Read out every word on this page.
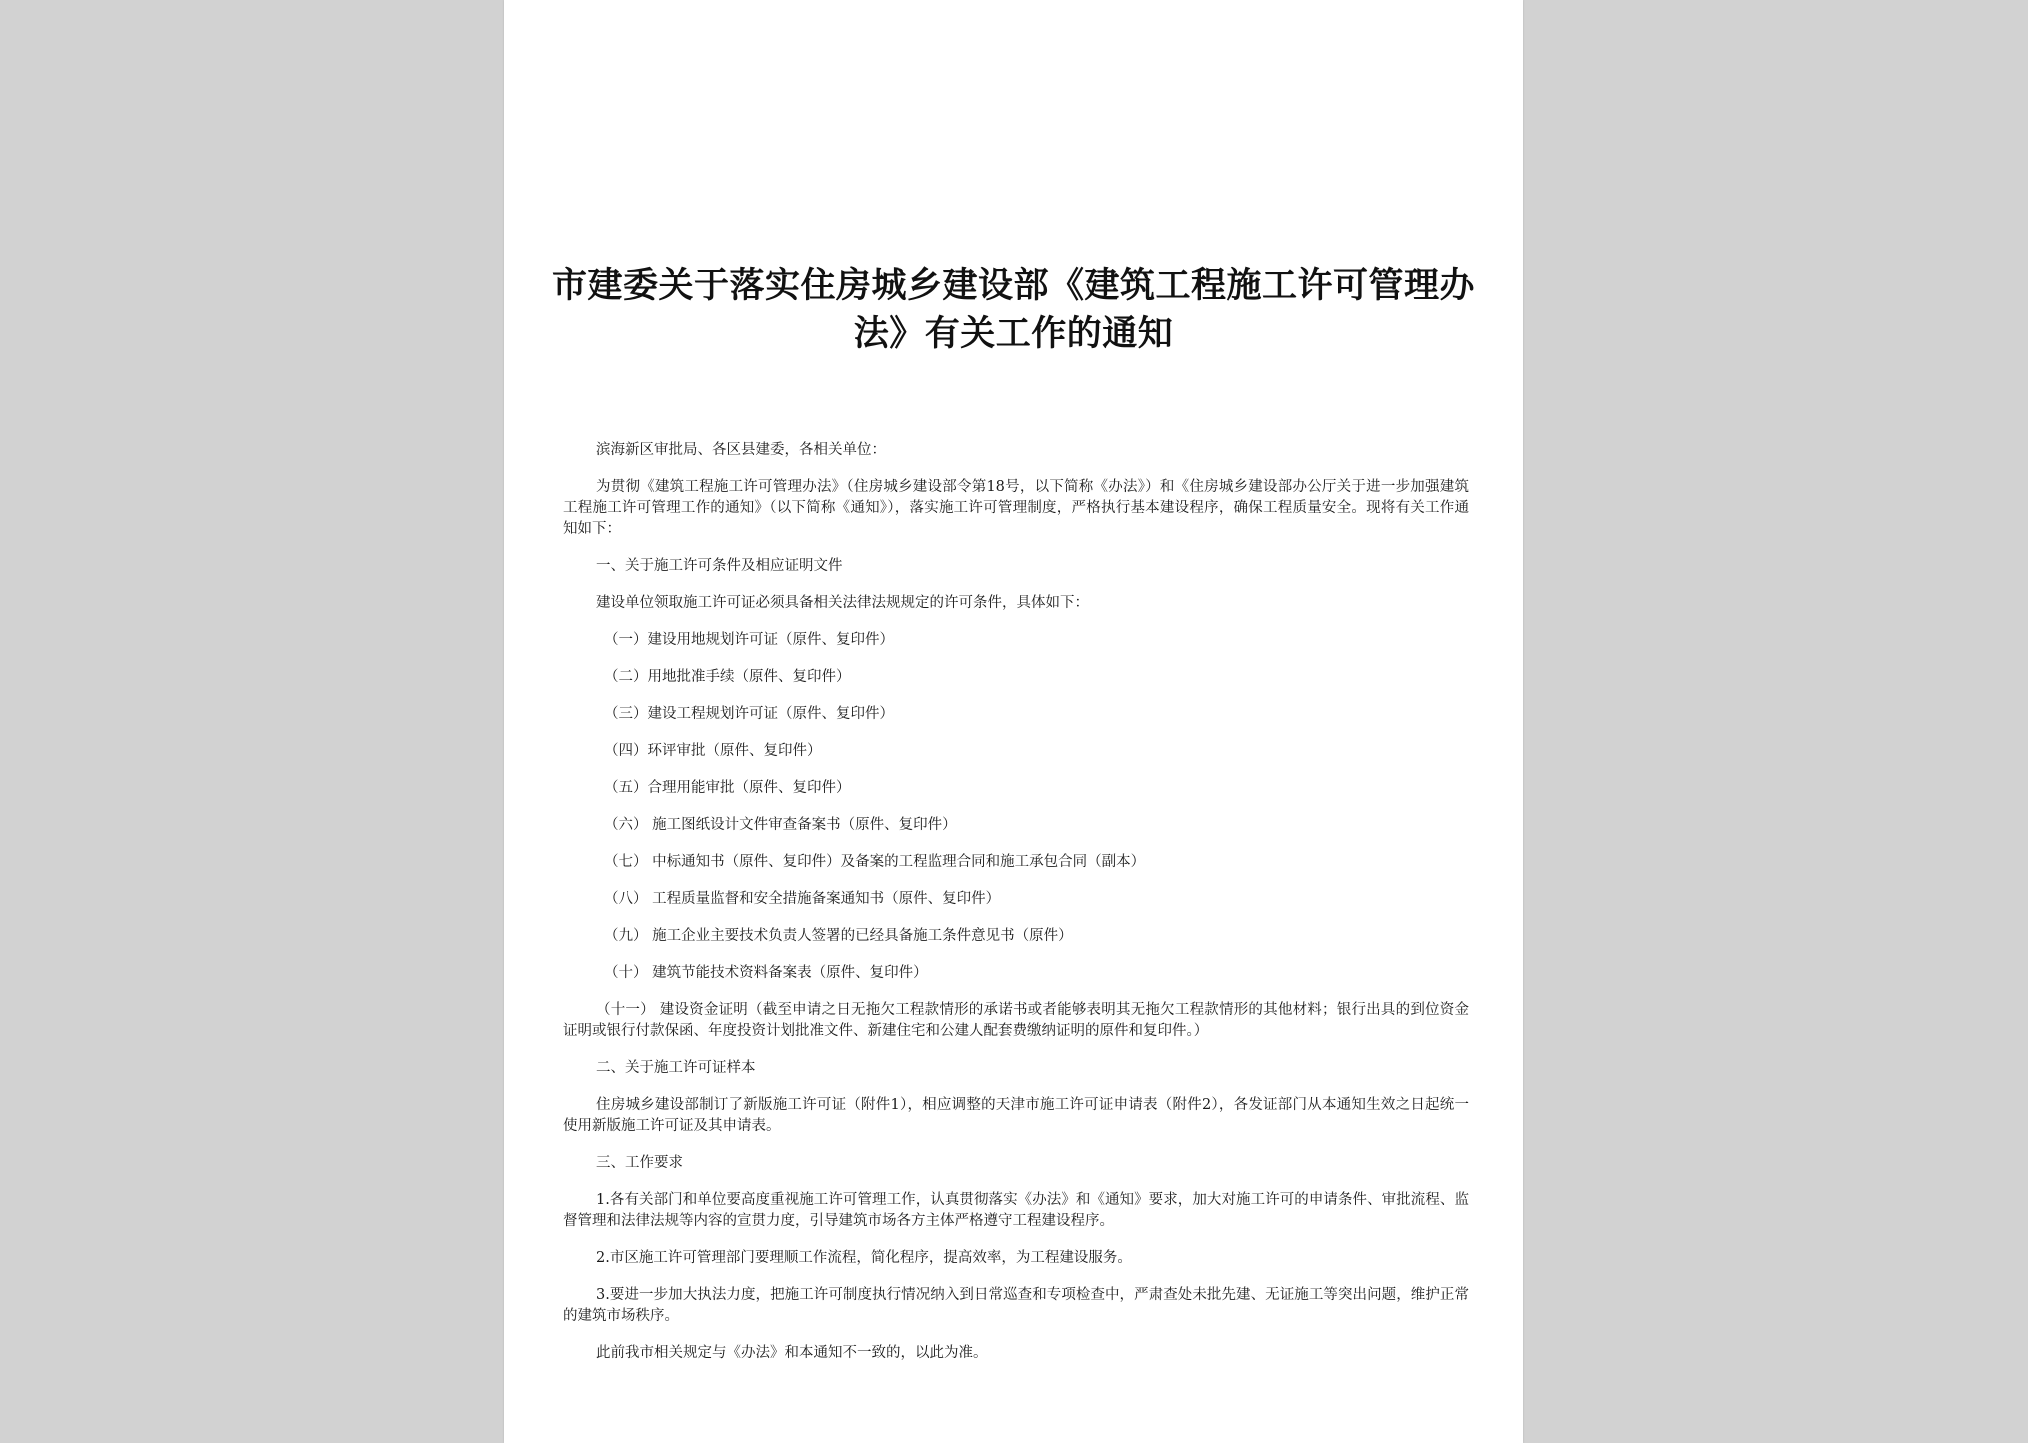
市建委关于落实住房城乡建设部《建筑工程施工许可管理办法》有关工作的通知

滨海新区审批局、各区县建委，各相关单位：

为贯彻《建筑工程施工许可管理办法》（住房城乡建设部令第18号，以下简称《办法》）和《住房城乡建设部办公厅关于进一步加强建筑工程施工许可管理工作的通知》（以下简称《通知》），落实施工许可管理制度，严格执行基本建设程序，确保工程质量安全。现将有关工作通知如下：

一、关于施工许可条件及相应证明文件

建设单位领取施工许可证必须具备相关法律法规规定的许可条件，具体如下：

（一）建设用地规划许可证（原件、复印件）

（二）用地批准手续（原件、复印件）

（三）建设工程规划许可证（原件、复印件）

（四）环评审批（原件、复印件）

（五）合理用能审批（原件、复印件）

（六） 施工图纸设计文件审查备案书（原件、复印件）

（七） 中标通知书（原件、复印件）及备案的工程监理合同和施工承包合同（副本）

（八） 工程质量监督和安全措施备案通知书（原件、复印件）

（九） 施工企业主要技术负责人签署的已经具备施工条件意见书（原件）

（十） 建筑节能技术资料备案表（原件、复印件）

（十一） 建设资金证明（截至申请之日无拖欠工程款情形的承诺书或者能够表明其无拖欠工程款情形的其他材料；银行出具的到位资金证明或银行付款保函、年度投资计划批准文件、新建住宅和公建人配套费缴纳证明的原件和复印件。）

二、关于施工许可证样本

住房城乡建设部制订了新版施工许可证（附件1），相应调整的天津市施工许可证申请表（附件2），各发证部门从本通知生效之日起统一使用新版施工许可证及其申请表。

三、工作要求

1.各有关部门和单位要高度重视施工许可管理工作，认真贯彻落实《办法》和《通知》要求，加大对施工许可的申请条件、审批流程、监督管理和法律法规等内容的宣贯力度，引导建筑市场各方主体严格遵守工程建设程序。

2.市区施工许可管理部门要理顺工作流程，简化程序，提高效率，为工程建设服务。

3.要进一步加大执法力度，把施工许可制度执行情况纳入到日常巡查和专项检查中，严肃查处未批先建、无证施工等突出问题，维护正常的建筑市场秩序。

此前我市相关规定与《办法》和本通知不一致的，以此为准。
